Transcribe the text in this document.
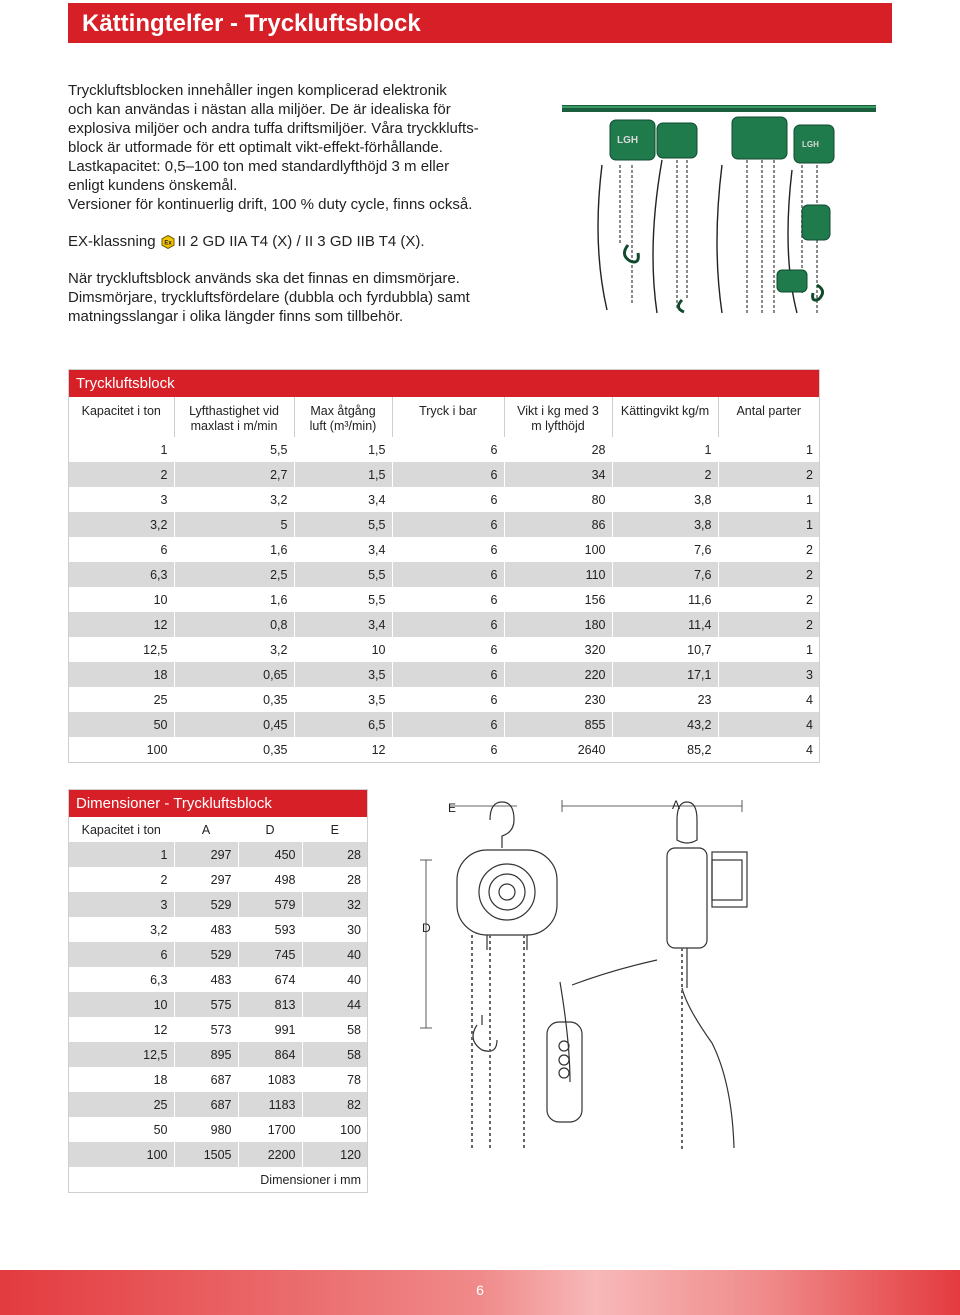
Kättingtelfer - Tryckluftsblock

Tryckluftsblocken innehåller ingen komplicerad elektronik

och kan användas i nästan alla miljöer. De är idealiska för

explosiva miljöer och andra tuffa driftsmiljöer. Våra tryckklufts-

block är utformade för ett optimalt vikt-effekt-förhållande.

Lastkapacitet: 0,5–100 ton med standardlyfthöjd 3 m eller

enligt kundens önskemål.

Versioner för kontinuerlig drift, 100 % duty cycle, finns också.

EX-klassning Ex II 2 GD IIA T4 (X) / II 3 GD IIB T4 (X).

När tryckluftsblock används ska det finnas en dimsmörjare.

Dimsmörjare, tryckluftsfördelare (dubbla och fyrdubbla) samt

matningsslangar i olika längder finns som tillbehör.

LGH	LGH
Tryckluftsblock
Kapacitet i ton	Lyfthastighet vid maxlast i m/min	Max åtgång luft (m³/min)	Tryck i bar	Vikt i kg med 3 m lyfthöjd	Kättingvikt kg/m	Antal parter
1	5,5	1,5	6	28	1	1
2	2,7	1,5	6	34	2	2
3	3,2	3,4	6	80	3,8	1
3,2	5	5,5	6	86	3,8	1
6	1,6	3,4	6	100	7,6	2
6,3	2,5	5,5	6	110	7,6	2
10	1,6	5,5	6	156	11,6	2
12	0,8	3,4	6	180	11,4	2
12,5	3,2	10	6	320	10,7	1
18	0,65	3,5	6	220	17,1	3
25	0,35	3,5	6	230	23	4
50	0,45	6,5	6	855	43,2	4
100	0,35	12	6	2640	85,2	4
Dimensioner - Tryckluftsblock
Kapacitet i ton	A	D	E
1	297	450	28
2	297	498	28
3	529	579	32
3,2	483	593	30
6	529	745	40
6,3	483	674	40
10	575	813	44
12	573	991	58
12,5	895	864	58
18	687	1083	78
25	687	1183	82
50	980	1700	100
100	1505	2200	120
	Dimensioner i mm		
E	A
D
6
